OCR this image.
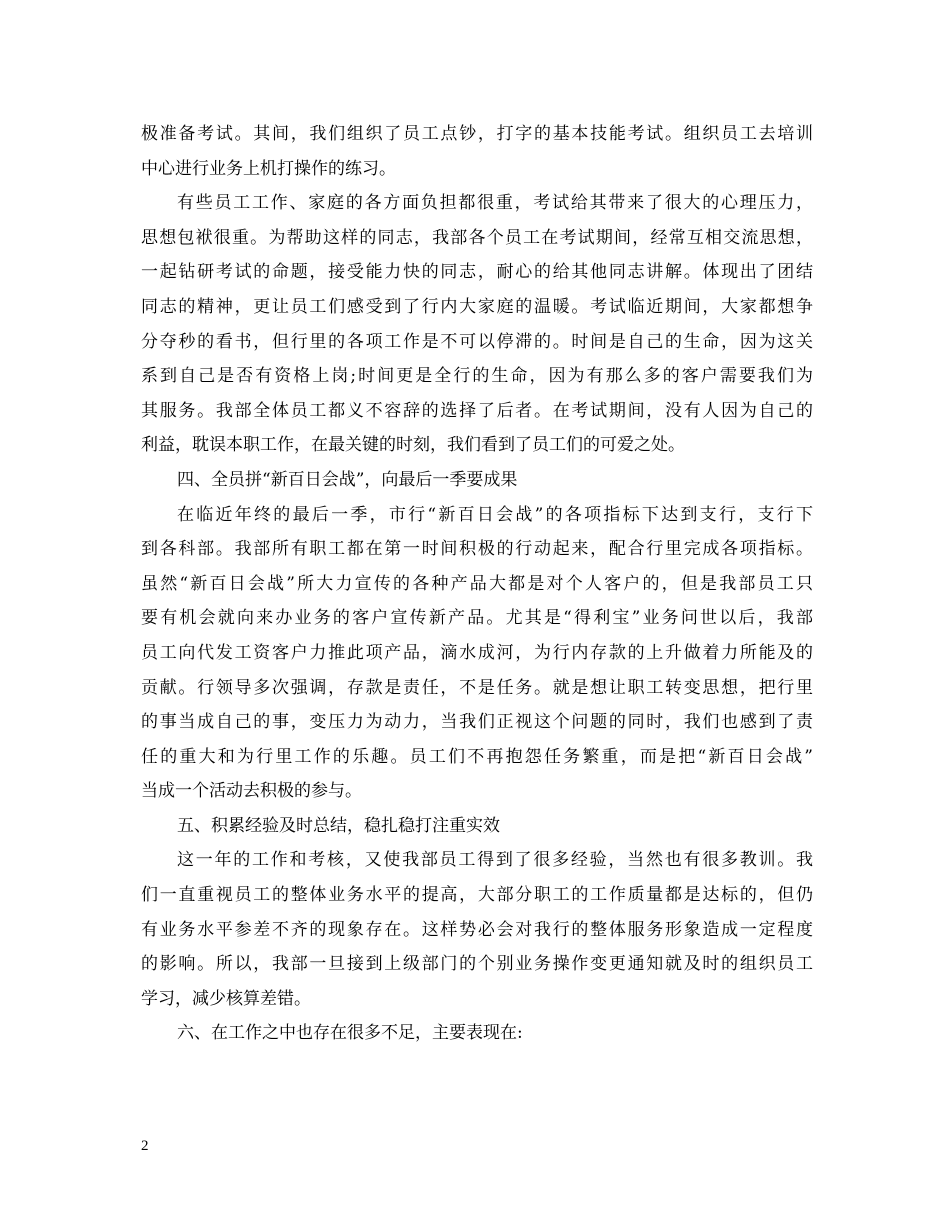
极准备考试。其间，我们组织了员工点钞，打字的基本技能考试。组织员工去培训
中心进行业务上机打操作的练习。
有些员工工作、家庭的各方面负担都很重，考试给其带来了很大的心理压力，
思想包袱很重。为帮助这样的同志，我部各个员工在考试期间，经常互相交流思想，
一起钻研考试的命题，接受能力快的同志，耐心的给其他同志讲解。体现出了团结
同志的精神，更让员工们感受到了行内大家庭的温暖。考试临近期间，大家都想争
分夺秒的看书，但行里的各项工作是不可以停滞的。时间是自己的生命，因为这关
系到自己是否有资格上岗;时间更是全行的生命，因为有那么多的客户需要我们为
其服务。我部全体员工都义不容辞的选择了后者。在考试期间，没有人因为自己的
利益，耽误本职工作，在最关键的时刻，我们看到了员工们的可爱之处。
四、全员拼“新百日会战”，向最后一季要成果
在临近年终的最后一季，市行“新百日会战”的各项指标下达到支行，支行下
到各科部。我部所有职工都在第一时间积极的行动起来，配合行里完成各项指标。
虽然“新百日会战”所大力宣传的各种产品大都是对个人客户的，但是我部员工只
要有机会就向来办业务的客户宣传新产品。尤其是“得利宝”业务问世以后，我部
员工向代发工资客户力推此项产品，滴水成河，为行内存款的上升做着力所能及的
贡献。行领导多次强调，存款是责任，不是任务。就是想让职工转变思想，把行里
的事当成自己的事，变压力为动力，当我们正视这个问题的同时，我们也感到了责
任的重大和为行里工作的乐趣。员工们不再抱怨任务繁重，而是把“新百日会战”
当成一个活动去积极的参与。
五、积累经验及时总结，稳扎稳打注重实效
这一年的工作和考核，又使我部员工得到了很多经验，当然也有很多教训。我
们一直重视员工的整体业务水平的提高，大部分职工的工作质量都是达标的，但仍
有业务水平参差不齐的现象存在。这样势必会对我行的整体服务形象造成一定程度
的影响。所以，我部一旦接到上级部门的个别业务操作变更通知就及时的组织员工
学习，减少核算差错。
六、在工作之中也存在很多不足，主要表现在:
2
